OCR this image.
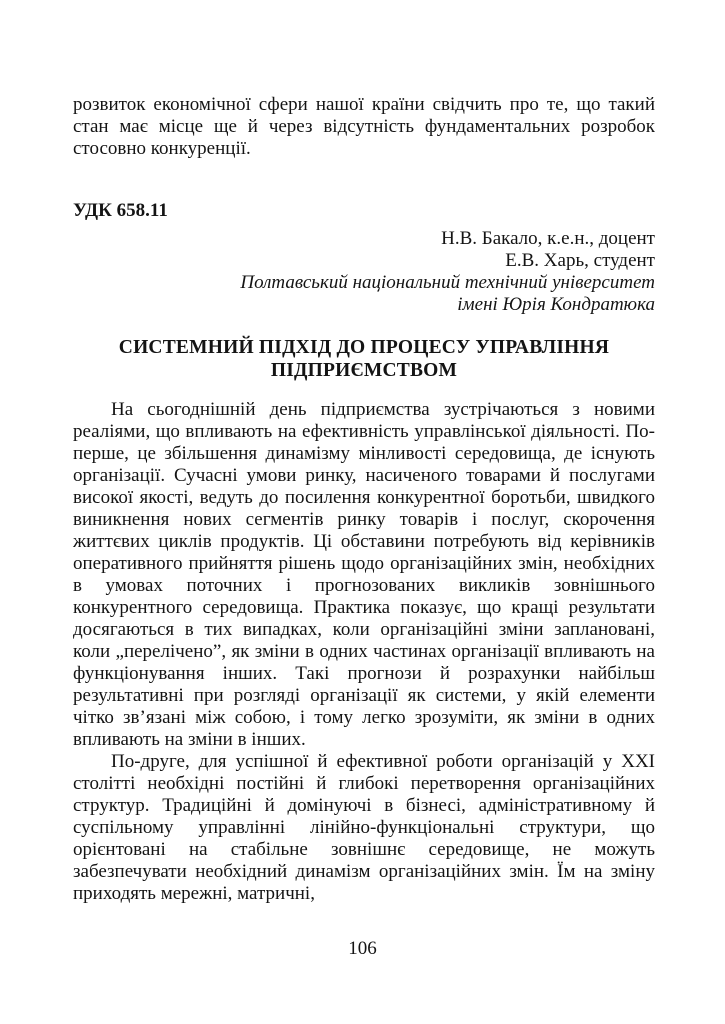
розвиток економічної сфери нашої країни свідчить про те, що такий стан має місце ще й через відсутність фундаментальних розробок стосовно конкуренції.

УДК 658.11

Н.В. Бакало, к.е.н., доцент
Е.В. Харь, студент
Полтавський національний технічний університет
імені Юрія Кондратюка
СИСТЕМНИЙ ПІДХІД ДО ПРОЦЕСУ УПРАВЛІННЯ ПІДПРИЄМСТВОМ

На сьогоднішній день підприємства зустрічаються з новими реаліями, що впливають на ефективність управлінської діяльності. По-перше, це збільшення динамізму мінливості середовища, де існують організації. Сучасні умови ринку, насиченого товарами й послугами високої якості, ведуть до посилення конкурентної боротьби, швидкого виникнення нових сегментів ринку товарів і послуг, скорочення життєвих циклів продуктів. Ці обставини потребують від керівників оперативного прийняття рішень щодо організаційних змін, необхідних в умовах поточних і прогнозованих викликів зовнішнього конкурентного середовища. Практика показує, що кращі результати досягаються в тих випадках, коли організаційні зміни заплановані, коли „перелічено”, як зміни в одних частинах організації впливають на функціонування інших. Такі прогнози й розрахунки найбільш результативні при розгляді організації як системи, у якій елементи чітко зв’язані між собою, і тому легко зрозуміти, як зміни в одних впливають на зміни в інших.

По-друге, для успішної й ефективної роботи організацій у XXI столітті необхідні постійні й глибокі перетворення організаційних структур. Традиційні й домінуючі в бізнесі, адміністративному й суспільному управлінні лінійно-функціональні структури, що орієнтовані на стабільне зовнішнє середовище, не можуть забезпечувати необхідний динамізм організаційних змін. Їм на зміну приходять мережні, матричні,

106
